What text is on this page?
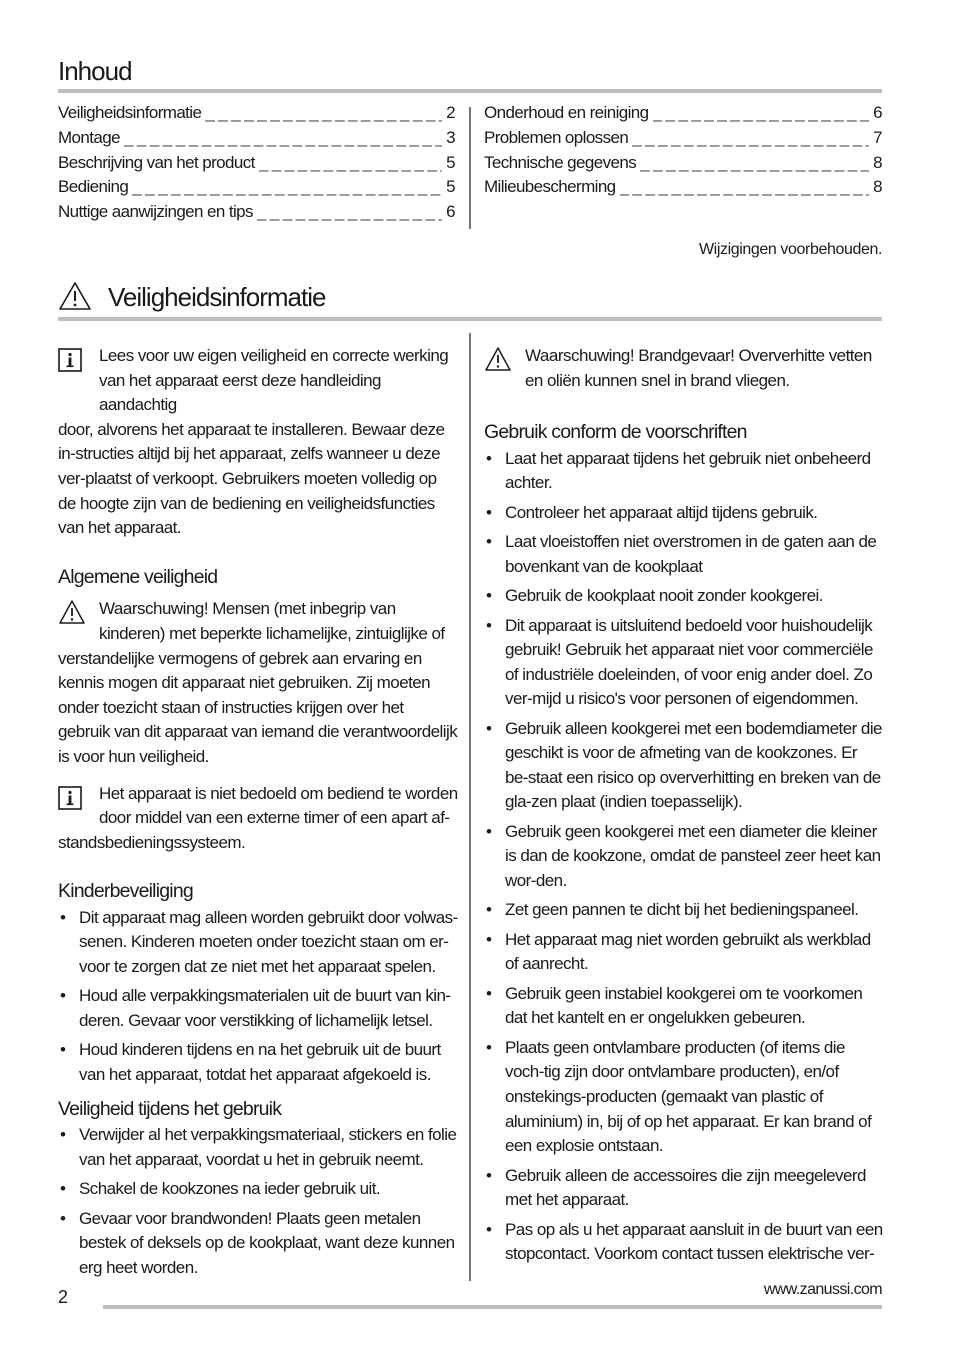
Inhoud
Veiligheidsinformatie _ _ _	2
Montage _ _ _	3
Beschrijving van het product _ _ _	5
Bediening _ _ _	5
Nuttige aanwijzingen en tips _ _ _	6
Onderhoud en reiniging _ _ _	6
Problemen oplossen _ _ _	7
Technische gegevens _ _ _	8
Milieubescherming _ _ _	8
Wijzigingen voorbehouden.
Veiligheidsinformatie

Lees voor uw eigen veiligheid en correcte werking van het apparaat eerst deze handleiding aandachtig

door, alvorens het apparaat te installeren. Bewaar deze in-structies altijd bij het apparaat, zelfs wanneer u deze ver-plaatst of verkoopt. Gebruikers moeten volledig op de hoogte zijn van de bediening en veiligheidsfuncties van het apparaat.

Algemene veiligheid

Waarschuwing! Mensen (met inbegrip van kinderen) met beperkte lichamelijke, zintuiglijke of

verstandelijke vermogens of gebrek aan ervaring en kennis mogen dit apparaat niet gebruiken. Zij moeten onder toezicht staan of instructies krijgen over het gebruik van dit apparaat van iemand die verantwoordelijk is voor hun veiligheid.

Het apparaat is niet bedoeld om bediend te worden door middel van een externe timer of een apart af-

standsbedieningssysteem.

Kinderbeveiliging
• Dit apparaat mag alleen worden gebruikt door volwas-senen. Kinderen moeten onder toezicht staan om er-voor te zorgen dat ze niet met het apparaat spelen.
• Houd alle verpakkingsmaterialen uit de buurt van kin-deren. Gevaar voor verstikking of lichamelijk letsel.
• Houd kinderen tijdens en na het gebruik uit de buurt van het apparaat, totdat het apparaat afgekoeld is.
Veiligheid tijdens het gebruik
• Verwijder al het verpakkingsmateriaal, stickers en folie van het apparaat, voordat u het in gebruik neemt.
• Schakel de kookzones na ieder gebruik uit.
• Gevaar voor brandwonden! Plaats geen metalen bestek of deksels op de kookplaat, want deze kunnen erg heet worden.

Waarschuwing! Brandgevaar! Oververhitte vetten en oliën kunnen snel in brand vliegen.

Gebruik conform de voorschriften
• Laat het apparaat tijdens het gebruik niet onbeheerd achter.
• Controleer het apparaat altijd tijdens gebruik.
• Laat vloeistoffen niet overstromen in de gaten aan de bovenkant van de kookplaat
• Gebruik de kookplaat nooit zonder kookgerei.
• Dit apparaat is uitsluitend bedoeld voor huishoudelijk gebruik! Gebruik het apparaat niet voor commerciële of industriële doeleinden, of voor enig ander doel. Zo ver-mijd u risico's voor personen of eigendommen.
• Gebruik alleen kookgerei met een bodemdiameter die geschikt is voor de afmeting van de kookzones. Er be-staat een risico op oververhitting en breken van de gla-zen plaat (indien toepasselijk).
• Gebruik geen kookgerei met een diameter die kleiner is dan de kookzone, omdat de pansteel zeer heet kan wor-den.
• Zet geen pannen te dicht bij het bedieningspaneel.
• Het apparaat mag niet worden gebruikt als werkblad of aanrecht.
• Gebruik geen instabiel kookgerei om te voorkomen dat het kantelt en er ongelukken gebeuren.
• Plaats geen ontvlambare producten (of items die voch-tig zijn door ontvlambare producten), en/of onstekings-producten (gemaakt van plastic of aluminium) in, bij of op het apparaat. Er kan brand of een explosie ontstaan.
• Gebruik alleen de accessoires die zijn meegeleverd met het apparaat.
• Pas op als u het apparaat aansluit in de buurt van een stopcontact. Voorkom contact tussen elektrische ver-
2	www.zanussi.com
